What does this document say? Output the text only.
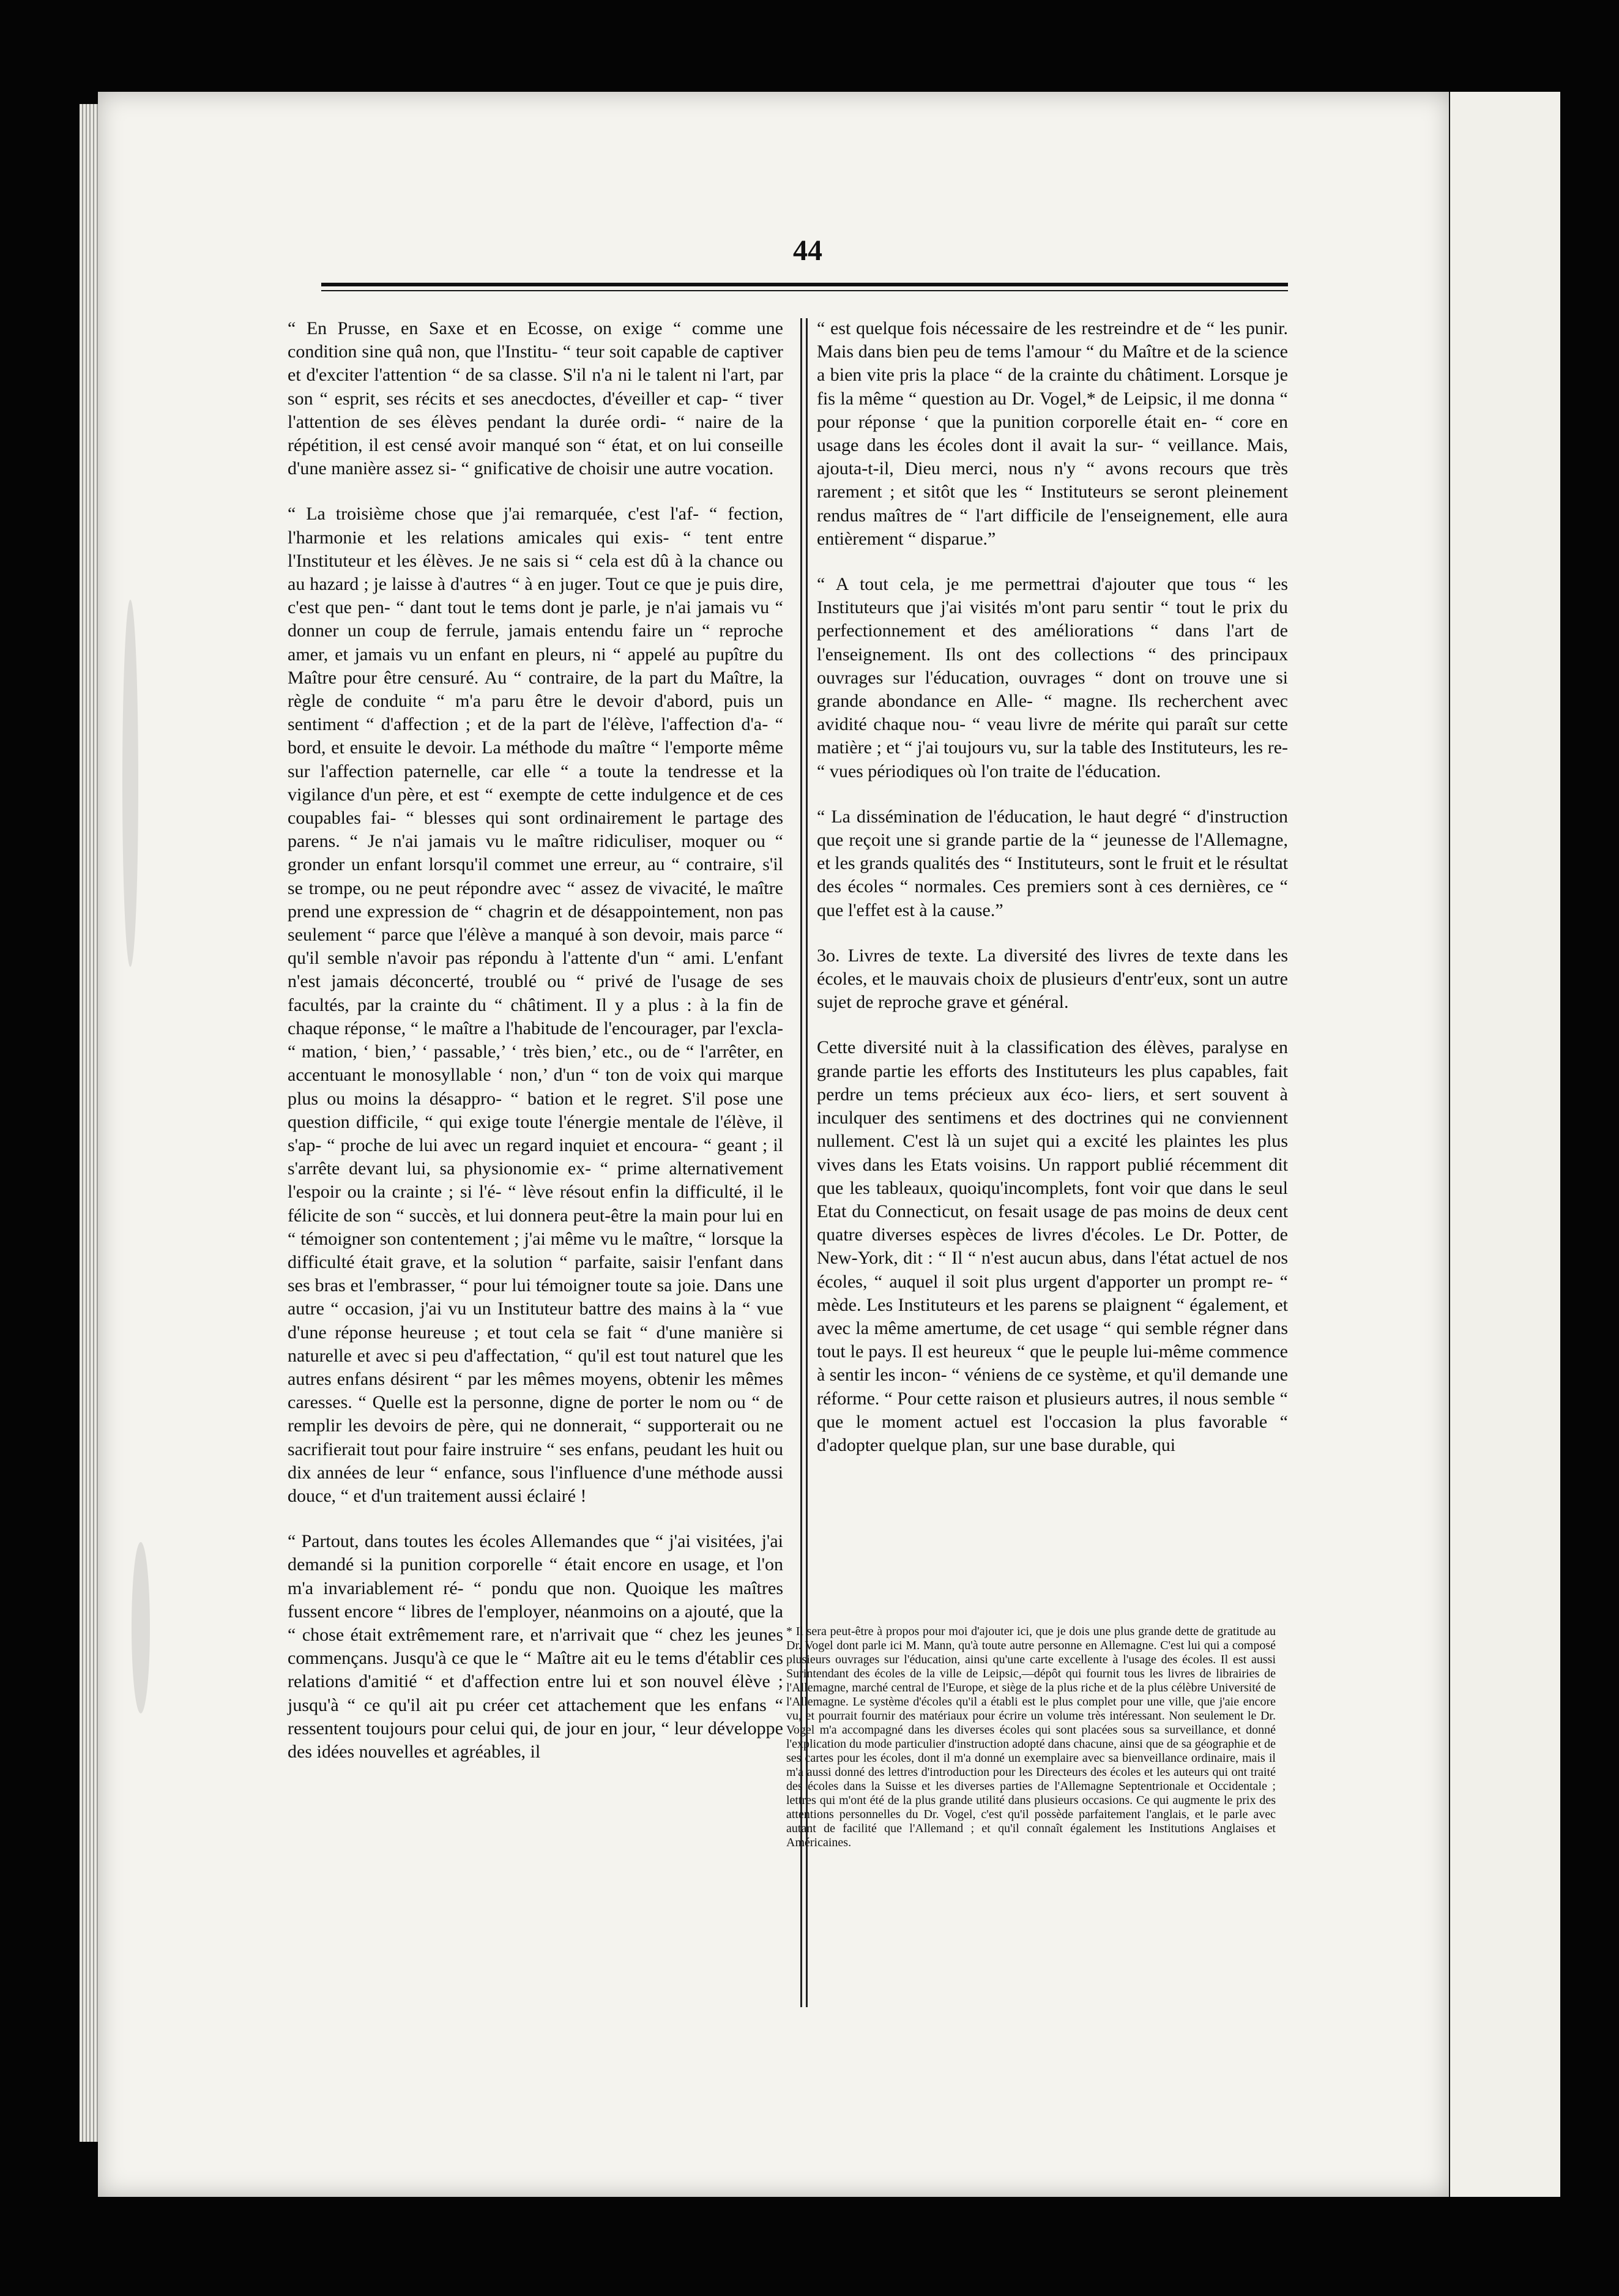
44

“ En Prusse, en Saxe et en Ecosse, on exige “ comme une condition sine quâ non, que l'Institu- “ teur soit capable de captiver et d'exciter l'attention “ de sa classe. S'il n'a ni le talent ni l'art, par son “ esprit, ses récits et ses anecdoctes, d'éveiller et cap- “ tiver l'attention de ses élèves pendant la durée ordi- “ naire de la répétition, il est censé avoir manqué son “ état, et on lui conseille d'une manière assez si- “ gnificative de choisir une autre vocation.

“ La troisième chose que j'ai remarquée, c'est l'af- “ fection, l'harmonie et les relations amicales qui exis- “ tent entre l'Instituteur et les élèves. Je ne sais si “ cela est dû à la chance ou au hazard ; je laisse à d'autres “ à en juger. Tout ce que je puis dire, c'est que pen- “ dant tout le tems dont je parle, je n'ai jamais vu “ donner un coup de ferrule, jamais entendu faire un “ reproche amer, et jamais vu un enfant en pleurs, ni “ appelé au pupître du Maître pour être censuré. Au “ contraire, de la part du Maître, la règle de conduite “ m'a paru être le devoir d'abord, puis un sentiment “ d'affection ; et de la part de l'élève, l'affection d'a- “ bord, et ensuite le devoir. La méthode du maître “ l'emporte même sur l'affection paternelle, car elle “ a toute la tendresse et la vigilance d'un père, et est “ exempte de cette indulgence et de ces coupables fai- “ blesses qui sont ordinairement le partage des parens. “ Je n'ai jamais vu le maître ridiculiser, moquer ou “ gronder un enfant lorsqu'il commet une erreur, au “ contraire, s'il se trompe, ou ne peut répondre avec “ assez de vivacité, le maître prend une expression de “ chagrin et de désappointement, non pas seulement “ parce que l'élève a manqué à son devoir, mais parce “ qu'il semble n'avoir pas répondu à l'attente d'un “ ami. L'enfant n'est jamais déconcerté, troublé ou “ privé de l'usage de ses facultés, par la crainte du “ châtiment. Il y a plus : à la fin de chaque réponse, “ le maître a l'habitude de l'encourager, par l'excla- “ mation, ‘ bien,’ ‘ passable,’ ‘ très bien,’ etc., ou de “ l'arrêter, en accentuant le monosyllable ‘ non,’ d'un “ ton de voix qui marque plus ou moins la désappro- “ bation et le regret. S'il pose une question difficile, “ qui exige toute l'énergie mentale de l'élève, il s'ap- “ proche de lui avec un regard inquiet et encoura- “ geant ; il s'arrête devant lui, sa physionomie ex- “ prime alternativement l'espoir ou la crainte ; si l'é- “ lève résout enfin la difficulté, il le félicite de son “ succès, et lui donnera peut-être la main pour lui en “ témoigner son contentement ; j'ai même vu le maître, “ lorsque la difficulté était grave, et la solution “ parfaite, saisir l'enfant dans ses bras et l'embrasser, “ pour lui témoigner toute sa joie. Dans une autre “ occasion, j'ai vu un Instituteur battre des mains à la “ vue d'une réponse heureuse ; et tout cela se fait “ d'une manière si naturelle et avec si peu d'affectation, “ qu'il est tout naturel que les autres enfans désirent “ par les mêmes moyens, obtenir les mêmes caresses. “ Quelle est la personne, digne de porter le nom ou “ de remplir les devoirs de père, qui ne donnerait, “ supporterait ou ne sacrifierait tout pour faire instruire “ ses enfans, peudant les huit ou dix années de leur “ enfance, sous l'influence d'une méthode aussi douce, “ et d'un traitement aussi éclairé !

“ Partout, dans toutes les écoles Allemandes que “ j'ai visitées, j'ai demandé si la punition corporelle “ était encore en usage, et l'on m'a invariablement ré- “ pondu que non. Quoique les maîtres fussent encore “ libres de l'employer, néanmoins on a ajouté, que la “ chose était extrêmement rare, et n'arrivait que “ chez les jeunes commençans. Jusqu'à ce que le “ Maître ait eu le tems d'établir ces relations d'amitié “ et d'affection entre lui et son nouvel élève ; jusqu'à “ ce qu'il ait pu créer cet attachement que les enfans “ ressentent toujours pour celui qui, de jour en jour, “ leur développe des idées nouvelles et agréables, il

“ est quelque fois nécessaire de les restreindre et de “ les punir. Mais dans bien peu de tems l'amour “ du Maître et de la science a bien vite pris la place “ de la crainte du châtiment. Lorsque je fis la même “ question au Dr. Vogel,* de Leipsic, il me donna “ pour réponse ‘ que la punition corporelle était en- “ core en usage dans les écoles dont il avait la sur- “ veillance. Mais, ajouta-t-il, Dieu merci, nous n'y “ avons recours que très rarement ; et sitôt que les “ Instituteurs se seront pleinement rendus maîtres de “ l'art difficile de l'enseignement, elle aura entièrement “ disparue.”

“ A tout cela, je me permettrai d'ajouter que tous “ les Instituteurs que j'ai visités m'ont paru sentir “ tout le prix du perfectionnement et des améliorations “ dans l'art de l'enseignement. Ils ont des collections “ des principaux ouvrages sur l'éducation, ouvrages “ dont on trouve une si grande abondance en Alle- “ magne. Ils recherchent avec avidité chaque nou- “ veau livre de mérite qui paraît sur cette matière ; et “ j'ai toujours vu, sur la table des Instituteurs, les re- “ vues périodiques où l'on traite de l'éducation.

“ La dissémination de l'éducation, le haut degré “ d'instruction que reçoit une si grande partie de la “ jeunesse de l'Allemagne, et les grands qualités des “ Instituteurs, sont le fruit et le résultat des écoles “ normales. Ces premiers sont à ces dernières, ce “ que l'effet est à la cause.”

3o. Livres de texte. La diversité des livres de texte dans les écoles, et le mauvais choix de plusieurs d'entr'eux, sont un autre sujet de reproche grave et général.

Cette diversité nuit à la classification des élèves, paralyse en grande partie les efforts des Instituteurs les plus capables, fait perdre un tems précieux aux éco- liers, et sert souvent à inculquer des sentimens et des doctrines qui ne conviennent nullement. C'est là un sujet qui a excité les plaintes les plus vives dans les Etats voisins. Un rapport publié récemment dit que les tableaux, quoiqu'incomplets, font voir que dans le seul Etat du Connecticut, on fesait usage de pas moins de deux cent quatre diverses espèces de livres d'écoles. Le Dr. Potter, de New-York, dit : “ Il “ n'est aucun abus, dans l'état actuel de nos écoles, “ auquel il soit plus urgent d'apporter un prompt re- “ mède. Les Instituteurs et les parens se plaignent “ également, et avec la même amertume, de cet usage “ qui semble régner dans tout le pays. Il est heureux “ que le peuple lui-même commence à sentir les incon- “ véniens de ce système, et qu'il demande une réforme. “ Pour cette raison et plusieurs autres, il nous semble “ que le moment actuel est l'occasion la plus favorable “ d'adopter quelque plan, sur une base durable, qui

* Il sera peut-être à propos pour moi d'ajouter ici, que je dois une plus grande dette de gratitude au Dr. Vogel dont parle ici M. Mann, qu'à toute autre personne en Allemagne. C'est lui qui a composé plusieurs ouvrages sur l'éducation, ainsi qu'une carte excellente à l'usage des écoles. Il est aussi Surintendant des écoles de la ville de Leipsic,—dépôt qui fournit tous les livres de librairies de l'Allemagne, marché central de l'Europe, et siège de la plus riche et de la plus célèbre Université de l'Allemagne. Le système d'écoles qu'il a établi est le plus complet pour une ville, que j'aie encore vu, et pourrait fournir des matériaux pour écrire un volume très intéressant. Non seulement le Dr. Vogel m'a accompagné dans les diverses écoles qui sont placées sous sa surveillance, et donné l'explication du mode particulier d'instruction adopté dans chacune, ainsi que de sa géographie et de ses cartes pour les écoles, dont il m'a donné un exemplaire avec sa bienveillance ordinaire, mais il m'a aussi donné des lettres d'introduction pour les Directeurs des écoles et les auteurs qui ont traité des écoles dans la Suisse et les diverses parties de l'Allemagne Septentrionale et Occidentale ; lettres qui m'ont été de la plus grande utilité dans plusieurs occasions. Ce qui augmente le prix des attentions personnelles du Dr. Vogel, c'est qu'il possède parfaitement l'anglais, et le parle avec autant de facilité que l'Allemand ; et qu'il connaît également les Institutions Anglaises et Américaines.
